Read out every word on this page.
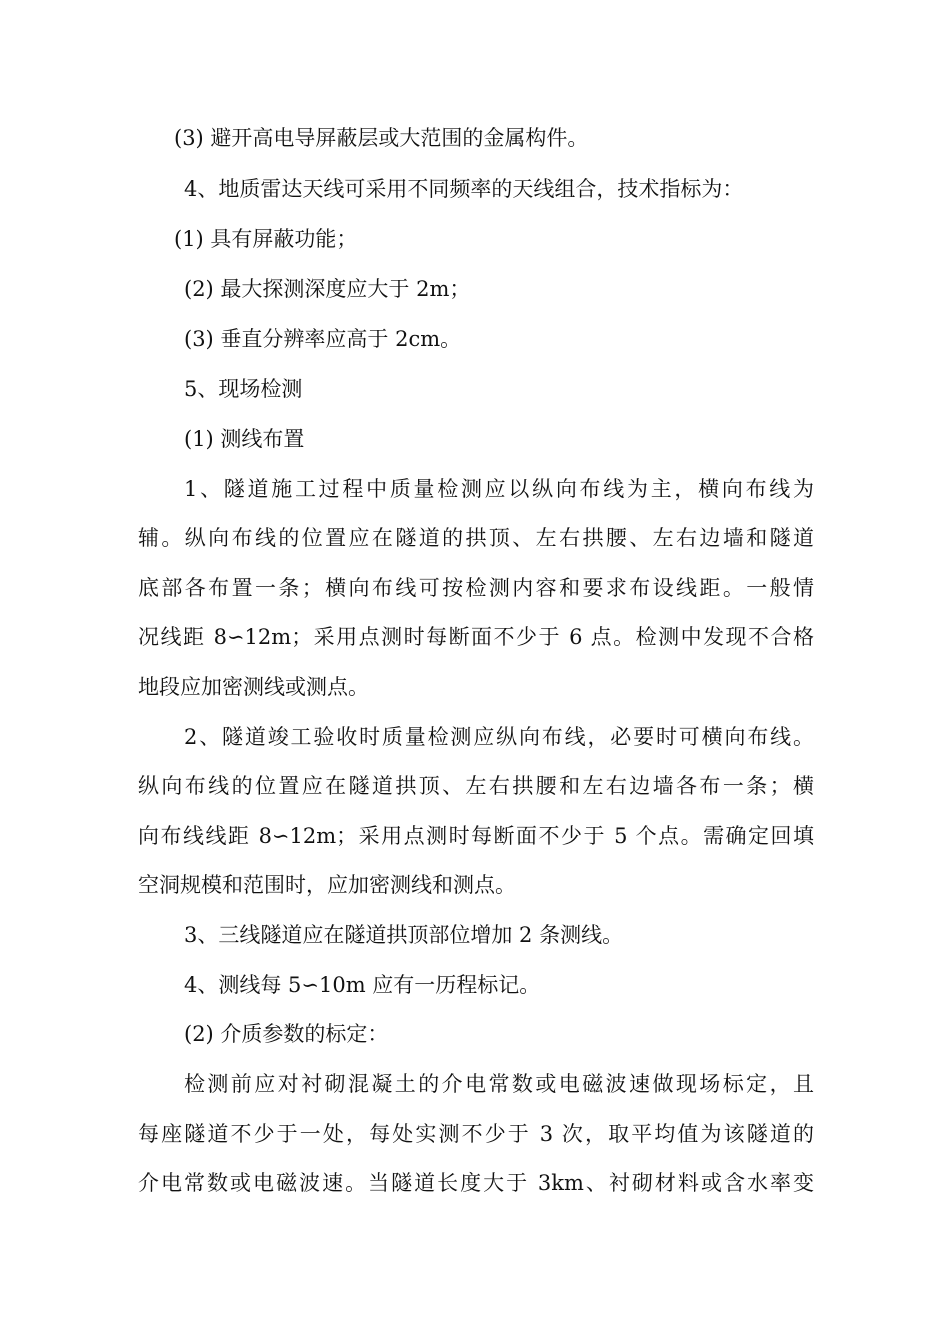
(3) 避开高电导屏蔽层或大范围的金属构件。
4、地质雷达天线可采用不同频率的天线组合，技术指标为：
(1) 具有屏蔽功能；
(2) 最大探测深度应大于 2m；
(3) 垂直分辨率应高于 2cm。
5、现场检测
(1) 测线布置
1、隧道施工过程中质量检测应以纵向布线为主，横向布线为
辅。纵向布线的位置应在隧道的拱顶、左右拱腰、左右边墙和隧道
底部各布置一条；横向布线可按检测内容和要求布设线距。一般情
况线距 8∽12m；采用点测时每断面不少于 6 点。检测中发现不合格
地段应加密测线或测点。
2、隧道竣工验收时质量检测应纵向布线，必要时可横向布线。
纵向布线的位置应在隧道拱顶、左右拱腰和左右边墙各布一条；横
向布线线距 8∽12m；采用点测时每断面不少于 5 个点。需确定回填
空洞规模和范围时，应加密测线和测点。
3、三线隧道应在隧道拱顶部位增加 2 条测线。
4、测线每 5∽10m 应有一历程标记。
(2) 介质参数的标定：
检测前应对衬砌混凝土的介电常数或电磁波速做现场标定，且
每座隧道不少于一处，每处实测不少于 3 次，取平均值为该隧道的
介电常数或电磁波速。当隧道长度大于 3km、衬砌材料或含水率变
